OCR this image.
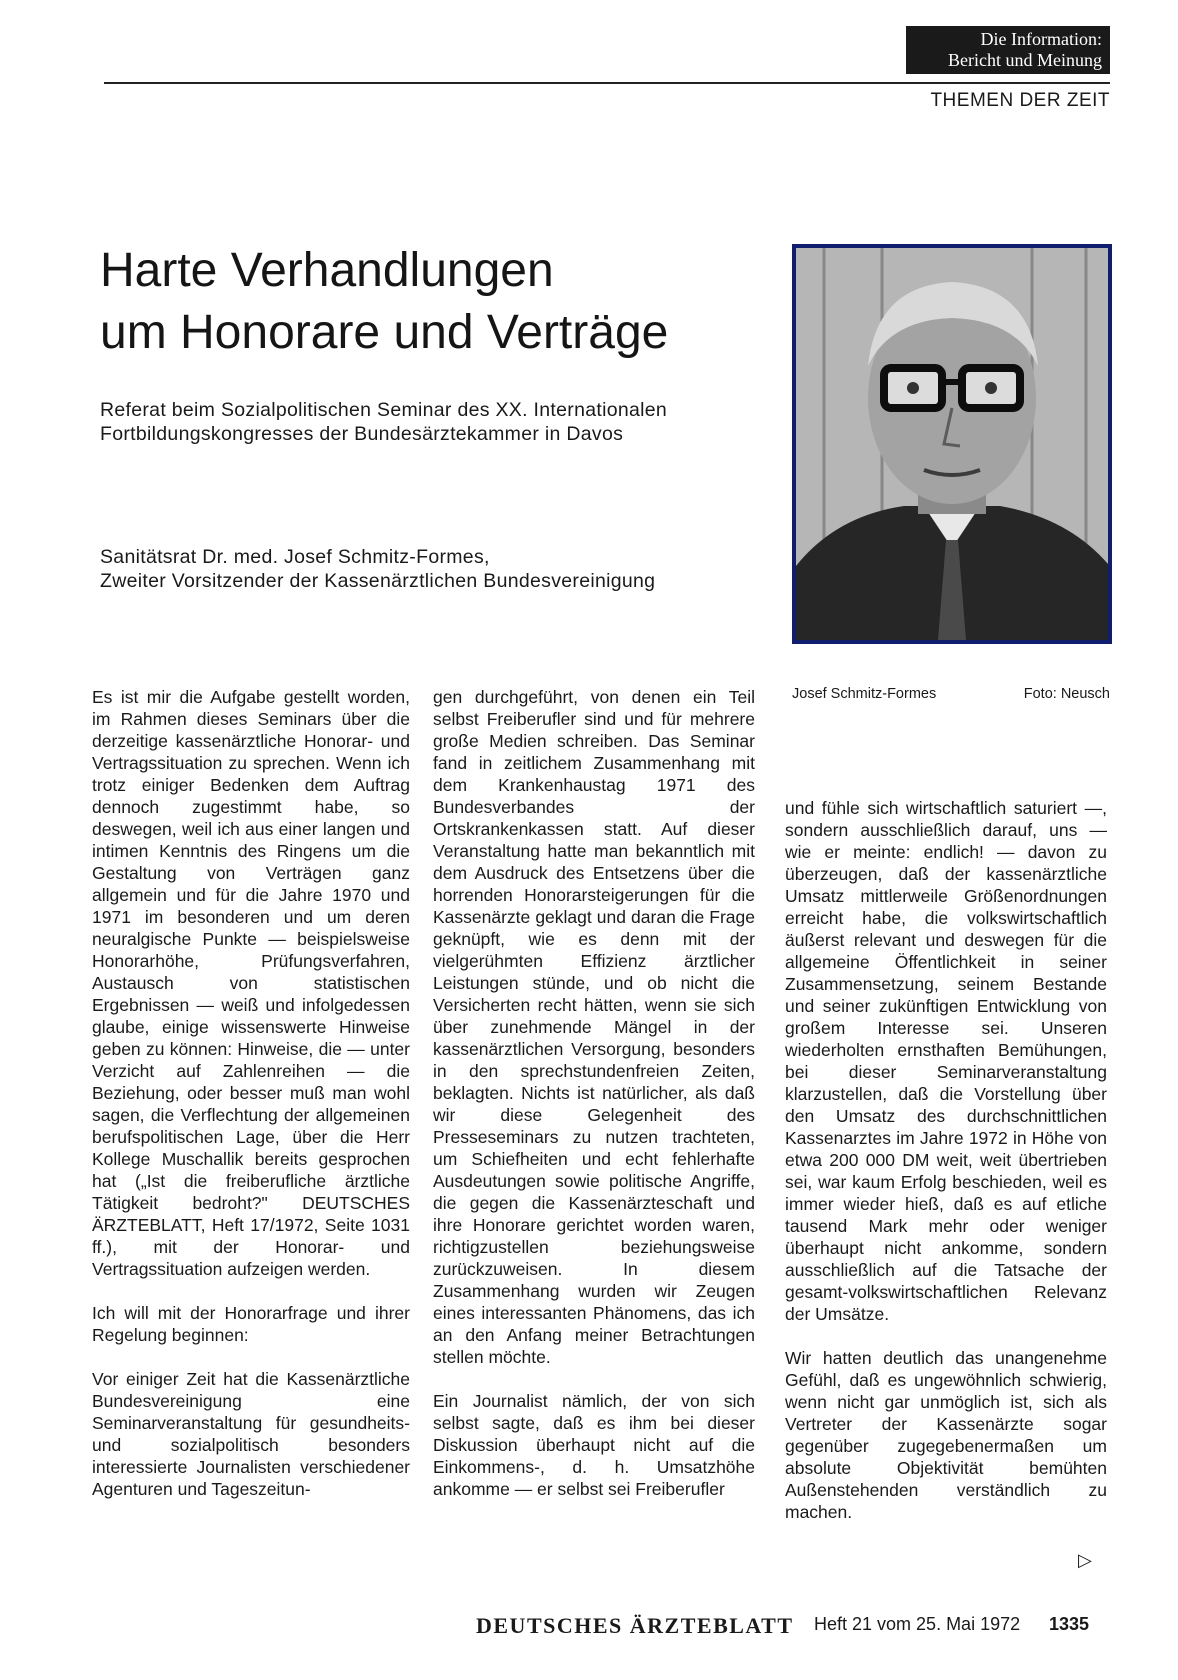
Die Information:
Bericht und Meinung
THEMEN DER ZEIT
Harte Verhandlungen
um Honorare und Verträge
Referat beim Sozialpolitischen Seminar des XX. Internationalen
Fortbildungskongresses der Bundesärztekammer in Davos
Sanitätsrat Dr. med. Josef Schmitz-Formes,
Zweiter Vorsitzender der Kassenärztlichen Bundesvereinigung
Josef Schmitz-Formes	Foto: Neusch

Es ist mir die Aufgabe gestellt worden, im Rahmen dieses Seminars über die derzeitige kassenärztliche Honorar- und Vertragssituation zu sprechen. Wenn ich trotz einiger Bedenken dem Auftrag dennoch zugestimmt habe, so deswegen, weil ich aus einer langen und intimen Kenntnis des Ringens um die Gestaltung von Verträgen ganz allgemein und für die Jahre 1970 und 1971 im besonderen und um deren neuralgische Punkte — beispielsweise Honorarhöhe, Prüfungsverfahren, Austausch von statistischen Ergebnissen — weiß und infolgedessen glaube, einige wissenswerte Hinweise geben zu können: Hinweise, die — unter Verzicht auf Zahlenreihen — die Beziehung, oder besser muß man wohl sagen, die Verflechtung der allgemeinen berufspolitischen Lage, über die Herr Kollege Muschallik bereits gesprochen hat („Ist die freiberufliche ärztliche Tätigkeit bedroht?" DEUTSCHES ÄRZTEBLATT, Heft 17/1972, Seite 1031 ff.), mit der Honorar- und Vertragssituation aufzeigen werden.

Ich will mit der Honorarfrage und ihrer Regelung beginnen:

Vor einiger Zeit hat die Kassenärztliche Bundesvereinigung eine Seminarveranstaltung für gesundheits- und sozialpolitisch besonders interessierte Journalisten verschiedener Agenturen und Tageszeitun-

gen durchgeführt, von denen ein Teil selbst Freiberufler sind und für mehrere große Medien schreiben. Das Seminar fand in zeitlichem Zusammenhang mit dem Krankenhaustag 1971 des Bundesverbandes der Ortskrankenkassen statt. Auf dieser Veranstaltung hatte man bekanntlich mit dem Ausdruck des Entsetzens über die horrenden Honorarsteigerungen für die Kassenärzte geklagt und daran die Frage geknüpft, wie es denn mit der vielgerühmten Effizienz ärztlicher Leistungen stünde, und ob nicht die Versicherten recht hätten, wenn sie sich über zunehmende Mängel in der kassenärztlichen Versorgung, besonders in den sprechstundenfreien Zeiten, beklagten. Nichts ist natürlicher, als daß wir diese Gelegenheit des Presseseminars zu nutzen trachteten, um Schiefheiten und echt fehlerhafte Ausdeutungen sowie politische Angriffe, die gegen die Kassenärzteschaft und ihre Honorare gerichtet worden waren, richtigzustellen beziehungsweise zurückzuweisen. In diesem Zusammenhang wurden wir Zeugen eines interessanten Phänomens, das ich an den Anfang meiner Betrachtungen stellen möchte.

Ein Journalist nämlich, der von sich selbst sagte, daß es ihm bei dieser Diskussion überhaupt nicht auf die Einkommens-, d. h. Umsatzhöhe ankomme — er selbst sei Freiberufler

und fühle sich wirtschaftlich saturiert —, sondern ausschließlich darauf, uns — wie er meinte: endlich! — davon zu überzeugen, daß der kassenärztliche Umsatz mittlerweile Größenordnungen erreicht habe, die volkswirtschaftlich äußerst relevant und deswegen für die allgemeine Öffentlichkeit in seiner Zusammensetzung, seinem Bestande und seiner zukünftigen Entwicklung von großem Interesse sei. Unseren wiederholten ernsthaften Bemühungen, bei dieser Seminarveranstaltung klarzustellen, daß die Vorstellung über den Umsatz des durchschnittlichen Kassenarztes im Jahre 1972 in Höhe von etwa 200 000 DM weit, weit übertrieben sei, war kaum Erfolg beschieden, weil es immer wieder hieß, daß es auf etliche tausend Mark mehr oder weniger überhaupt nicht ankomme, sondern ausschließlich auf die Tatsache der gesamt-volkswirtschaftlichen Relevanz der Umsätze.

Wir hatten deutlich das unangenehme Gefühl, daß es ungewöhnlich schwierig, wenn nicht gar unmöglich ist, sich als Vertreter der Kassenärzte sogar gegenüber zugegebenermaßen um absolute Objektivität bemühten Außenstehenden verständlich zu machen.

▷
DEUTSCHES ÄRZTEBLATT Heft 21 vom 25. Mai 1972 1335
